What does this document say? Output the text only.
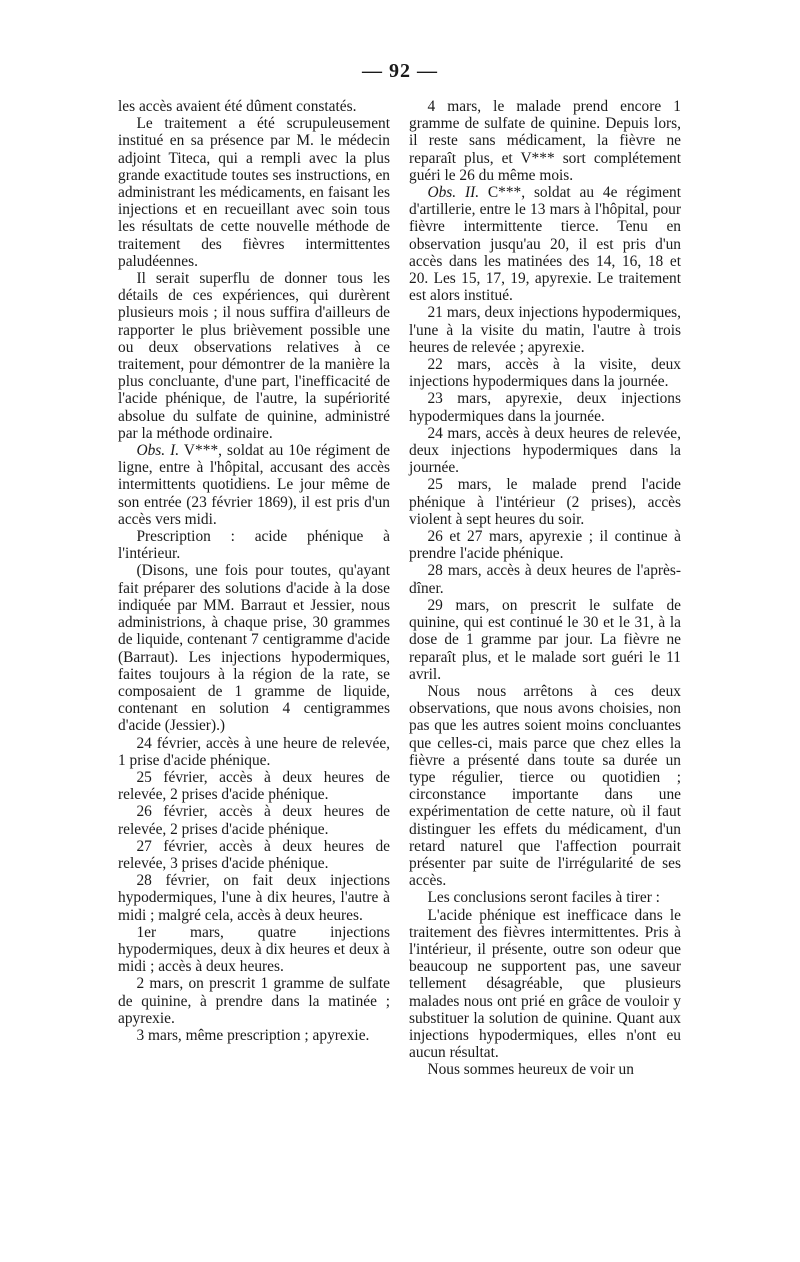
— 92 —

les accès avaient été dûment constatés.

Le traitement a été scrupuleusement institué en sa présence par M. le médecin adjoint Titeca, qui a rempli avec la plus grande exactitude toutes ses instructions, en administrant les médicaments, en faisant les injections et en recueillant avec soin tous les résultats de cette nouvelle méthode de traitement des fièvres intermittentes paludéennes.

Il serait superflu de donner tous les détails de ces expériences, qui durèrent plusieurs mois ; il nous suffira d'ailleurs de rapporter le plus brièvement possible une ou deux observations relatives à ce traitement, pour démontrer de la manière la plus concluante, d'une part, l'inefficacité de l'acide phénique, de l'autre, la supériorité absolue du sulfate de quinine, administré par la méthode ordinaire.

Obs. I. V***, soldat au 10e régiment de ligne, entre à l'hôpital, accusant des accès intermittents quotidiens. Le jour même de son entrée (23 février 1869), il est pris d'un accès vers midi.

Prescription : acide phénique à l'intérieur.

(Disons, une fois pour toutes, qu'ayant fait préparer des solutions d'acide à la dose indiquée par MM. Barraut et Jessier, nous administrions, à chaque prise, 30 grammes de liquide, contenant 7 centigramme d'acide (Barraut). Les injections hypodermiques, faites toujours à la région de la rate, se composaient de 1 gramme de liquide, contenant en solution 4 centigrammes d'acide (Jessier).)

24 février, accès à une heure de relevée, 1 prise d'acide phénique.

25 février, accès à deux heures de relevée, 2 prises d'acide phénique.

26 février, accès à deux heures de relevée, 2 prises d'acide phénique.

27 février, accès à deux heures de relevée, 3 prises d'acide phénique.

28 février, on fait deux injections hypodermiques, l'une à dix heures, l'autre à midi ; malgré cela, accès à deux heures.

1er mars, quatre injections hypodermiques, deux à dix heures et deux à midi ; accès à deux heures.

2 mars, on prescrit 1 gramme de sulfate de quinine, à prendre dans la matinée ; apyrexie.

3 mars, même prescription ; apyrexie.

4 mars, le malade prend encore 1 gramme de sulfate de quinine. Depuis lors, il reste sans médicament, la fièvre ne reparaît plus, et V*** sort complétement guéri le 26 du même mois.

Obs. II. C***, soldat au 4e régiment d'artillerie, entre le 13 mars à l'hôpital, pour fièvre intermittente tierce. Tenu en observation jusqu'au 20, il est pris d'un accès dans les matinées des 14, 16, 18 et 20. Les 15, 17, 19, apyrexie. Le traitement est alors institué.

21 mars, deux injections hypodermiques, l'une à la visite du matin, l'autre à trois heures de relevée ; apyrexie.

22 mars, accès à la visite, deux injections hypodermiques dans la journée.

23 mars, apyrexie, deux injections hypodermiques dans la journée.

24 mars, accès à deux heures de relevée, deux injections hypodermiques dans la journée.

25 mars, le malade prend l'acide phénique à l'intérieur (2 prises), accès violent à sept heures du soir.

26 et 27 mars, apyrexie ; il continue à prendre l'acide phénique.

28 mars, accès à deux heures de l'après-dîner.

29 mars, on prescrit le sulfate de quinine, qui est continué le 30 et le 31, à la dose de 1 gramme par jour. La fièvre ne reparaît plus, et le malade sort guéri le 11 avril.

Nous nous arrêtons à ces deux observations, que nous avons choisies, non pas que les autres soient moins concluantes que celles-ci, mais parce que chez elles la fièvre a présenté dans toute sa durée un type régulier, tierce ou quotidien ; circonstance importante dans une expérimentation de cette nature, où il faut distinguer les effets du médicament, d'un retard naturel que l'affection pourrait présenter par suite de l'irrégularité de ses accès.

Les conclusions seront faciles à tirer :

L'acide phénique est inefficace dans le traitement des fièvres intermittentes. Pris à l'intérieur, il présente, outre son odeur que beaucoup ne supportent pas, une saveur tellement désagréable, que plusieurs malades nous ont prié en grâce de vouloir y substituer la solution de quinine. Quant aux injections hypodermiques, elles n'ont eu aucun résultat.

Nous sommes heureux de voir un
